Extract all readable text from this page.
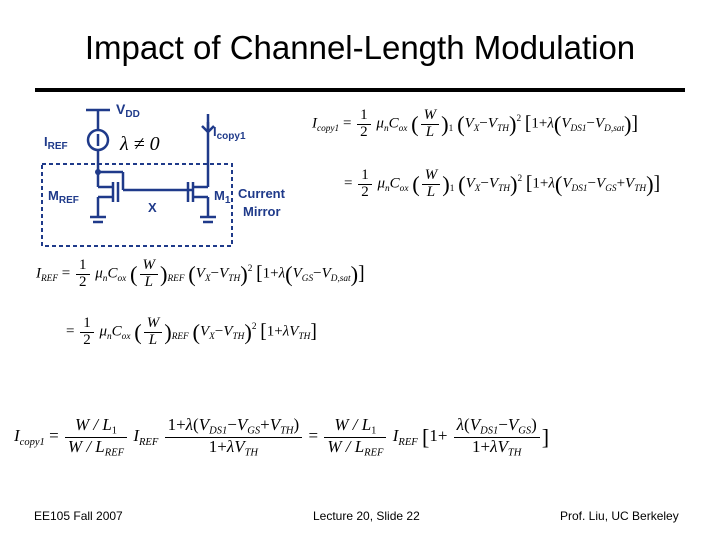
Impact of Channel-Length Modulation
$V_{DD}$
$I_{REF}$	λ ≠ 0
$I_{copy1}$
$M_{REF}$	X
$M_1$ Current
Mirror
$I_{copy1} = \frac{1}{2} \mu_nC_{ox}$ ( $\frac{W}{L} )_1$ $(V_X-V_{TH})^2$ $[1+\lambda(V_{DS1}-V_{D,sat})]$
= $\frac{1}{2} \mu_nC_{ox}$ ( $\frac{W}{L} )_1$ $(V_X-V_{TH})^2$ $[1+\lambda(V_{DS1}-V_{GS}+V_{TH})]$
$I_{REF} = \frac{1}{2} \mu_nC_{ox}$ ( $\frac{W}{L} )_{REF}$ $(V_X-V_{TH})^2$ $[1+\lambda(V_{GS}-V_{D,sat})]$
= $\frac{1}{2} \mu_nC_{ox}$ ( $\frac{W}{L} )_{REF}$ $(V_X-V_{TH})^2$ $[1+\lambda V_{TH}]$
$I_{copy1} = \frac{W / L_1}{W / L_{REF}} I_{REF} \frac{1+\lambda(V_{DS1}-V_{GS}+V_{TH})}{1+\lambda V_{TH}} = \frac{W / L_1}{W / L_{REF}} I_{REF}$ [$1+ \frac{\lambda(V_{DS1}-V_{GS})}{1+\lambda V_{TH}}$ ]
EE105 Fall 2007	Lecture 20, Slide 22	Prof. Liu, UC Berkeley
